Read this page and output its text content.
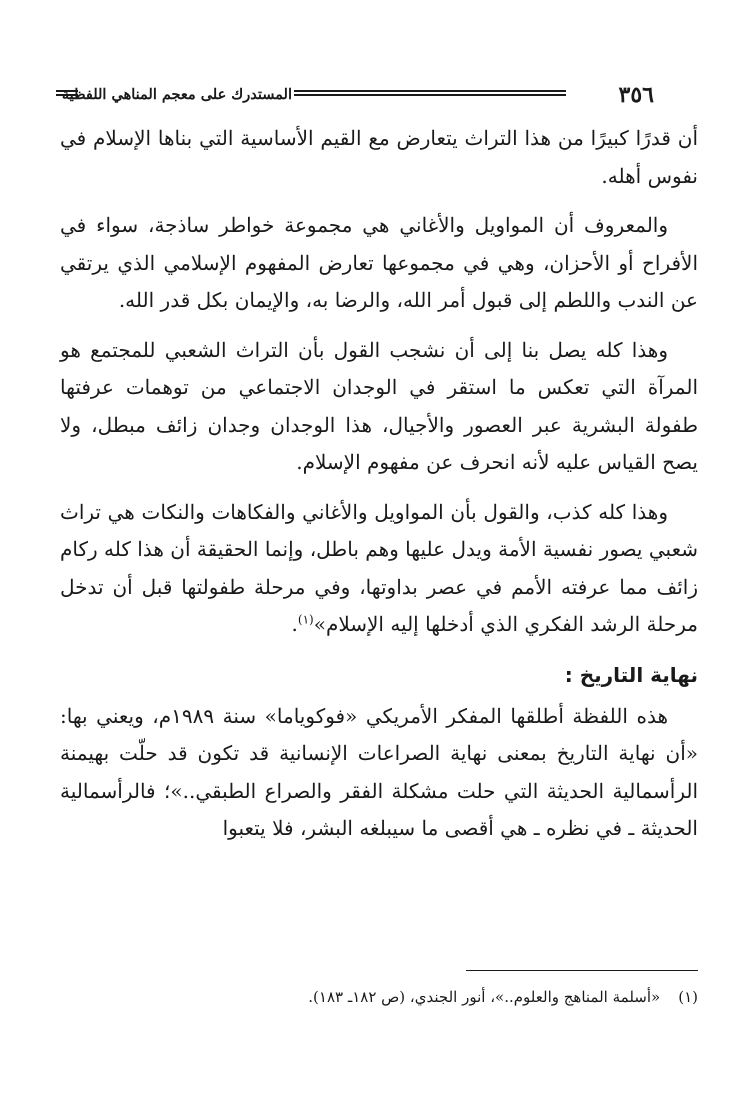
٣٥٦
المستدرك على معجم المناهي اللفظية

أن قدرًا كبيرًا من هذا التراث يتعارض مع القيم الأساسية التي بناها الإسلام في نفوس أهله.

والمعروف أن المواويل والأغاني هي مجموعة خواطر ساذجة، سواء في الأفراح أو الأحزان، وهي في مجموعها تعارض المفهوم الإسلامي الذي يرتقي عن الندب واللطم إلى قبول أمر الله، والرضا به، والإيمان بكل قدر الله.

وهذا كله يصل بنا إلى أن نشجب القول بأن التراث الشعبي للمجتمع هو المرآة التي تعكس ما استقر في الوجدان الاجتماعي من توهمات عرفتها طفولة البشرية عبر العصور والأجيال، هذا الوجدان وجدان زائف مبطل، ولا يصح القياس عليه لأنه انحرف عن مفهوم الإسلام.

وهذا كله كذب، والقول بأن المواويل والأغاني والفكاهات والنكات هي تراث شعبي يصور نفسية الأمة ويدل عليها وهم باطل، وإنما الحقيقة أن هذا كله ركام زائف مما عرفته الأمم في عصر بداوتها، وفي مرحلة طفولتها قبل أن تدخل مرحلة الرشد الفكري الذي أدخلها إليه الإسلام»$^{(١)}$.

نهاية التاريخ :

هذه اللفظة أطلقها المفكر الأمريكي «فوكوياما» سنة ١٩٨٩م، ويعني بها: «أن نهاية التاريخ بمعنى نهاية الصراعات الإنسانية قد تكون قد حلّت بهيمنة الرأسمالية الحديثة التي حلت مشكلة الفقر والصراع الطبقي..»؛ فالرأسمالية الحديثة ـ في نظره ـ هي أقصى ما سيبلغه البشر، فلا يتعبوا

(١)«أسلمة المناهج والعلوم..»، أنور الجندي، (ص ١٨٢ـ ١٨٣).
